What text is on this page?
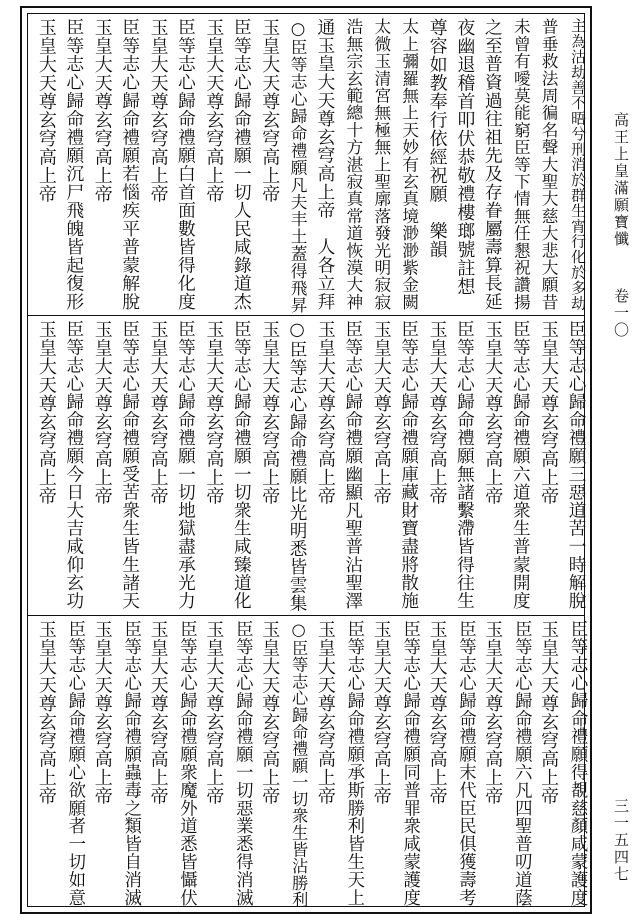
主為沽劫善不晤兮刑消於群生宵行化於多劫
普垂救法周徧名聲大聖大慈大悲大願昔
未曾有噯莫能窮臣等下情無任懇祝讚揚
之至普資過往祖先及存眷屬壽算長延
夜幽退稽首叩伏恭敬禮樓瑯號註想
尊容如教奉行依經祝願　樂韻
太上彌羅無上天妙有玄真境渺渺紫金闕
太微玉清宮無極無上聖廓落發光明寂寂
浩無宗玄範總十方湛寂真常道恢漠大神
通玉皇大天尊玄穹高上帝　人各立拜
○臣等志心歸命禮願凡夫丰土蓋得飛昇
玉皇大天尊玄穹高上帝
臣等志心歸命禮願一切人民咸錄道杰
玉皇大天尊玄穹高上帝
臣等志心歸命禮願白首面數皆得化度
玉皇大天尊玄穹高上帝
臣等志心歸命禮願若惱疾平普蒙解脫
玉皇大天尊玄穹高上帝
臣等志心歸命禮願沉尸飛魄皆起復形
玉皇大天尊玄穹高上帝
臣等志心歸命禮願三惡道苦一時解脫
玉皇大天尊玄穹高上帝
臣等志心歸命禮願六道衆生普蒙開度
玉皇大天尊玄穹高上帝
臣等志心歸命禮願無諸繫滯皆得往生
玉皇大天尊玄穹高上帝
臣等志心歸命禮願庫藏財寶盡將散施
玉皇大天尊玄穹高上帝
臣等志心歸命禮願幽顯凡聖普沾聖澤
玉皇大天尊玄穹高上帝
○臣等志心歸命禮願比光明悉皆雲集
玉皇大天尊玄穹高上帝
臣等志心歸命禮願一切衆生咸臻道化
玉皇大天尊玄穹高上帝
臣等志心歸命禮願一切地獄盡承光力
玉皇大天尊玄穹高上帝
臣等志心歸命禮願受苦衆生皆生諸天
玉皇大天尊玄穹高上帝
臣等志心歸命禮願今日大吉咸仰玄功
玉皇大天尊玄穹高上帝
臣等志心歸命禮願得覩慈顏咸蒙護度
玉皇大天尊玄穹高上帝
臣等志心歸命禮願六凡四聖普叨道蔭
玉皇大天尊玄穹高上帝
臣等志心歸命禮願末代臣民俱獲壽考
玉皇大天尊玄穹高上帝
臣等志心歸命禮願同普罪衆咸蒙護度
玉皇大天尊玄穹高上帝
臣等志心歸命禮願承斯勝利皆生天上
玉皇大天尊玄穹高上帝
○臣等志心歸命禮願一切衆生皆沾勝利
玉皇大天尊玄穹高上帝
臣等志心歸命禮願一切惡業悉得消滅
玉皇大天尊玄穹高上帝
臣等志心歸命禮願衆魔外道悉皆懾伏
玉皇大天尊玄穹高上帝
臣等志心歸命禮願蟲毒之類皆自消滅
玉皇大天尊玄穹高上帝
臣等志心歸命禮願心欲願者一切如意
玉皇大天尊玄穹高上帝
高王上皇滿願寶懺
卷一〇
三一五四七
